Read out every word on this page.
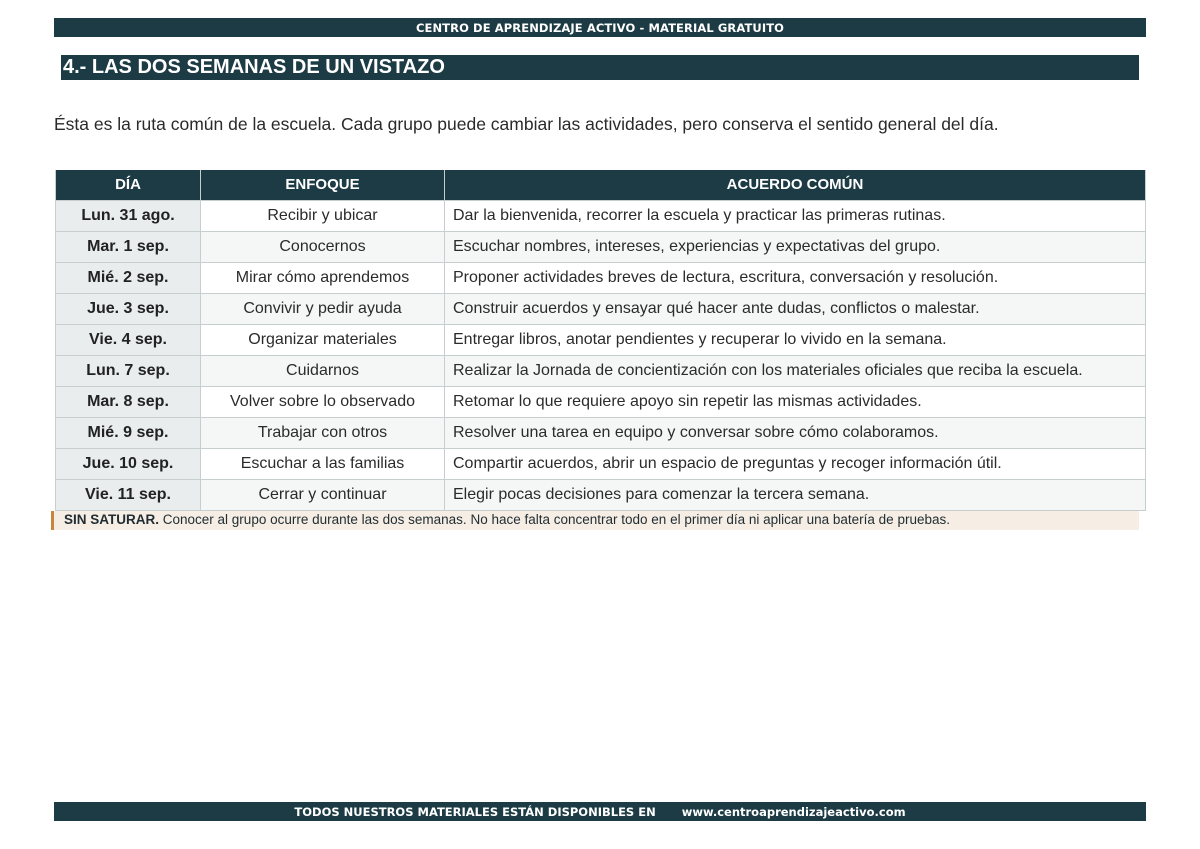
CENTRO DE APRENDIZAJE ACTIVO - MATERIAL GRATUITO
4.- LAS DOS SEMANAS DE UN VISTAZO

Ésta es la ruta común de la escuela. Cada grupo puede cambiar las actividades, pero conserva el sentido general del día.

DÍA	ENFOQUE	ACUERDO COMÚN
Lun. 31 ago.	Recibir y ubicar	Dar la bienvenida, recorrer la escuela y practicar las primeras rutinas.
Mar. 1 sep.	Conocernos	Escuchar nombres, intereses, experiencias y expectativas del grupo.
Mié. 2 sep.	Mirar cómo aprendemos	Proponer actividades breves de lectura, escritura, conversación y resolución.
Jue. 3 sep.	Convivir y pedir ayuda	Construir acuerdos y ensayar qué hacer ante dudas, conflictos o malestar.
Vie. 4 sep.	Organizar materiales	Entregar libros, anotar pendientes y recuperar lo vivido en la semana.
Lun. 7 sep.	Cuidarnos	Realizar la Jornada de concientización con los materiales oficiales que reciba la escuela.
Mar. 8 sep.	Volver sobre lo observado	Retomar lo que requiere apoyo sin repetir las mismas actividades.
Mié. 9 sep.	Trabajar con otros	Resolver una tarea en equipo y conversar sobre cómo colaboramos.
Jue. 10 sep.	Escuchar a las familias	Compartir acuerdos, abrir un espacio de preguntas y recoger información útil.
Vie. 11 sep.	Cerrar y continuar	Elegir pocas decisiones para comenzar la tercera semana.
SIN SATURAR. Conocer al grupo ocurre durante las dos semanas. No hace falta concentrar todo en el primer día ni aplicar una batería de pruebas.
TODOS NUESTROS MATERIALES ESTÁN DISPONIBLES EN www.centroaprendizajeactivo.com
